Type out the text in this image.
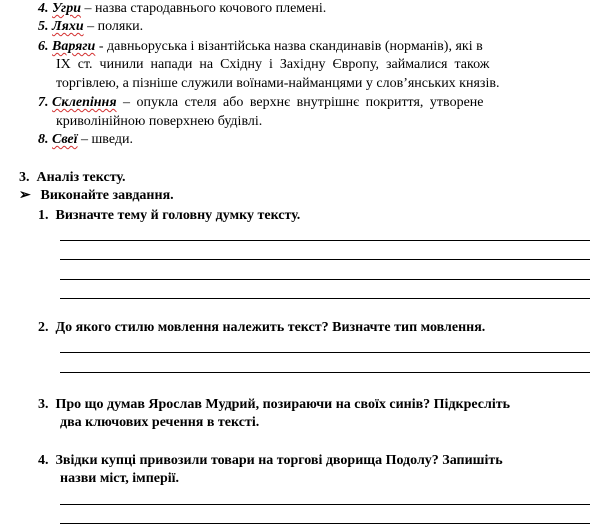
4. Угри – назва стародавнього кочового племені.
5. Ляхи – поляки.
6. Варяги - давньоруська і візантійська назва скандинавів (норманів), які в
IX ст. чинили напади на Східну і Західну Європу, займалися також
торгівлею, а пізніше служили воїнами-найманцями у слов’янських князів.
7. Склепіння – опукла стеля або верхнє внутрішнє покриття, утворене
криволінійною поверхнею будівлі.
8. Свеї – шведи.
3. Аналіз тексту.
➢ Виконайте завдання.
1. Визначте тему й головну думку тексту.
2. До якого стилю мовлення належить текст? Визначте тип мовлення.
3. Про що думав Ярослав Мудрий, позираючи на своїх синів? Підкресліть
два ключових речення в тексті.
4. Звідки купці привозили товари на торгові дворища Подолу? Запишіть
назви міст, імперії.
